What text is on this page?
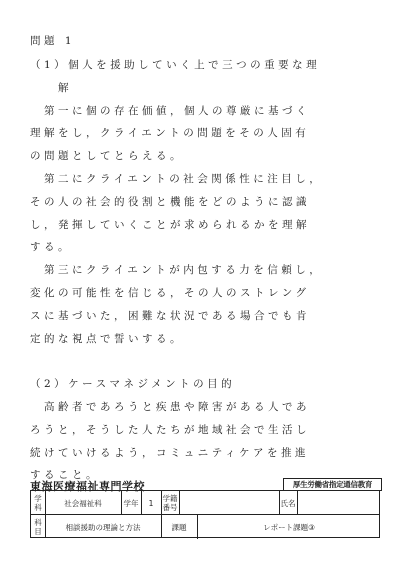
問題 1
（1）個人を援助していく上で三つの重要な理
　　解
　第一に個の存在価値，個人の尊厳に基づく
理解をし，クライエントの問題をその人固有
の問題としてとらえる。
　第二にクライエントの社会関係性に注目し，
その人の社会的役割と機能をどのように認識
し，発揮していくことが求められるかを理解
する。
　第三にクライエントが内包する力を信頼し，
変化の可能性を信じる，その人のストレング
スに基づいた，困難な状況である場合でも肯
定的な視点で誓いする。
（2）ケースマネジメントの目的
　高齢者であろうと疾患や障害がある人であ
ろうと，そうした人たちが地域社会で生活し
続けていけるよう，コミュニティケアを推進
すること。
東海医療福祉専門学校	厚生労働省指定通信教育
学科	社会福祉科	学年	1	学籍
番号	氏名
科目	相談援助の理論と方法	課題	レポート課題③
